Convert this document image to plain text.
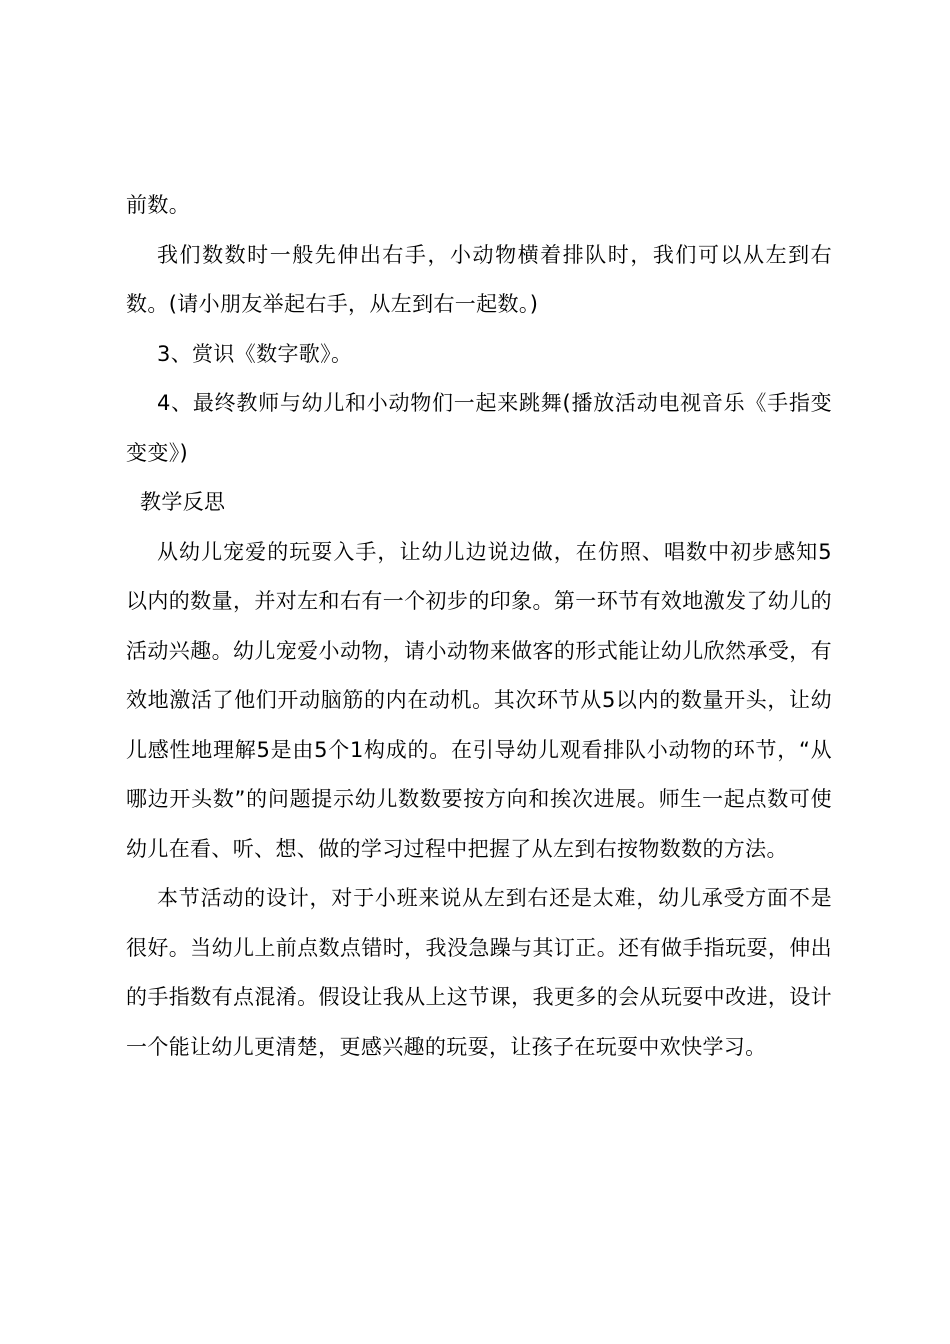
前数。

我们数数时一般先伸出右手，小动物横着排队时，我们可以从左到右数。(请小朋友举起右手，从左到右一起数。)

3、赏识《数字歌》。

4、最终教师与幼儿和小动物们一起来跳舞(播放活动电视音乐《手指变变变》)

教学反思

从幼儿宠爱的玩耍入手，让幼儿边说边做，在仿照、唱数中初步感知5以内的数量，并对左和右有一个初步的印象。第一环节有效地激发了幼儿的活动兴趣。幼儿宠爱小动物，请小动物来做客的形式能让幼儿欣然承受，有效地激活了他们开动脑筋的内在动机。其次环节从5以内的数量开头，让幼儿感性地理解5是由5个1构成的。在引导幼儿观看排队小动物的环节，“从哪边开头数”的问题提示幼儿数数要按方向和挨次进展。师生一起点数可使幼儿在看、听、想、做的学习过程中把握了从左到右按物数数的方法。

本节活动的设计，对于小班来说从左到右还是太难，幼儿承受方面不是很好。当幼儿上前点数点错时，我没急躁与其订正。还有做手指玩耍，伸出的手指数有点混淆。假设让我从上这节课，我更多的会从玩耍中改进，设计一个能让幼儿更清楚，更感兴趣的玩耍，让孩子在玩耍中欢快学习。
